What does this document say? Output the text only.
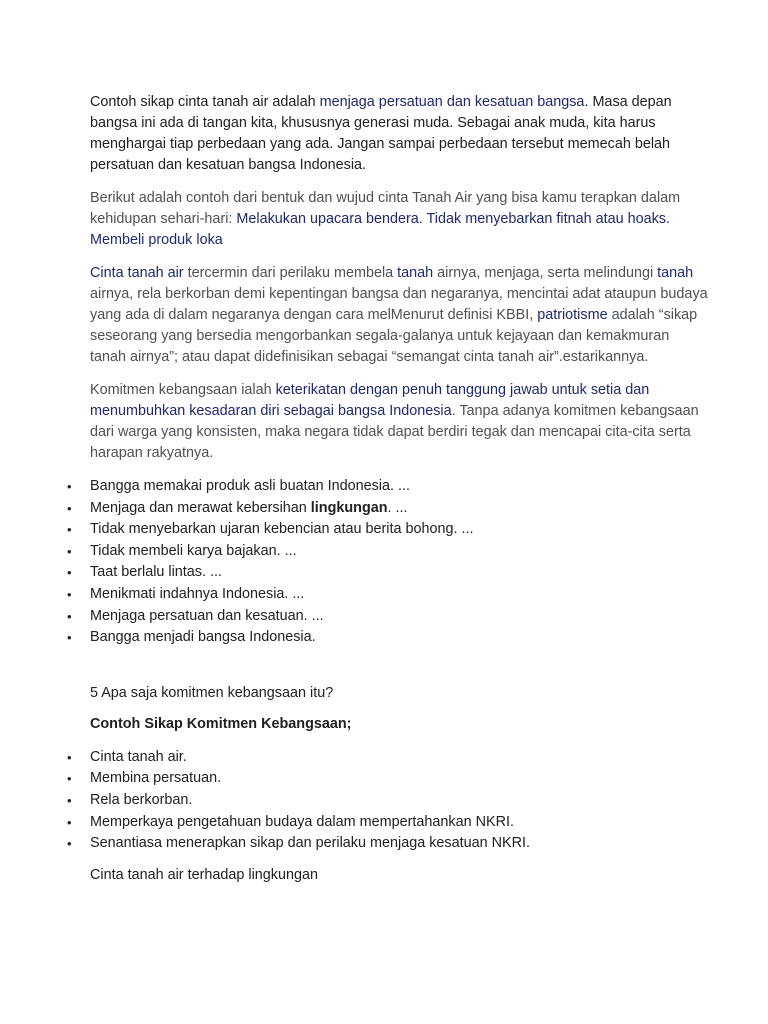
Contoh sikap cinta tanah air adalah menjaga persatuan dan kesatuan bangsa. Masa depan bangsa ini ada di tangan kita, khususnya generasi muda. Sebagai anak muda, kita harus menghargai tiap perbedaan yang ada. Jangan sampai perbedaan tersebut memecah belah persatuan dan kesatuan bangsa Indonesia.

Berikut adalah contoh dari bentuk dan wujud cinta Tanah Air yang bisa kamu terapkan dalam kehidupan sehari-hari: Melakukan upacara bendera. Tidak menyebarkan fitnah atau hoaks. Membeli produk loka

Cinta tanah air tercermin dari perilaku membela tanah airnya, menjaga, serta melindungi tanah airnya, rela berkorban demi kepentingan bangsa dan negaranya, mencintai adat ataupun budaya yang ada di dalam negaranya dengan cara melMenurut definisi KBBI, patriotisme adalah “sikap seseorang yang bersedia mengorbankan segala-galanya untuk kejayaan dan kemakmuran tanah airnya”; atau dapat didefinisikan sebagai “semangat cinta tanah air”.estarikannya.

Komitmen kebangsaan ialah keterikatan dengan penuh tanggung jawab untuk setia dan menumbuhkan kesadaran diri sebagai bangsa Indonesia. Tanpa adanya komitmen kebangsaan dari warga yang konsisten, maka negara tidak dapat berdiri tegak dan mencapai cita-cita serta harapan rakyatnya.

• Bangga memakai produk asli buatan Indonesia. ...
• Menjaga dan merawat kebersihan lingkungan. ...
• Tidak menyebarkan ujaran kebencian atau berita bohong. ...
• Tidak membeli karya bajakan. ...
• Taat berlalu lintas. ...
• Menikmati indahnya Indonesia. ...
• Menjaga persatuan dan kesatuan. ...
• Bangga menjadi bangsa Indonesia.

5 Apa saja komitmen kebangsaan itu?

Contoh Sikap Komitmen Kebangsaan;

• Cinta tanah air.
• Membina persatuan.
• Rela berkorban.
• Memperkaya pengetahuan budaya dalam mempertahankan NKRI.
• Senantiasa menerapkan sikap dan perilaku menjaga kesatuan NKRI.

Cinta tanah air terhadap lingkungan
